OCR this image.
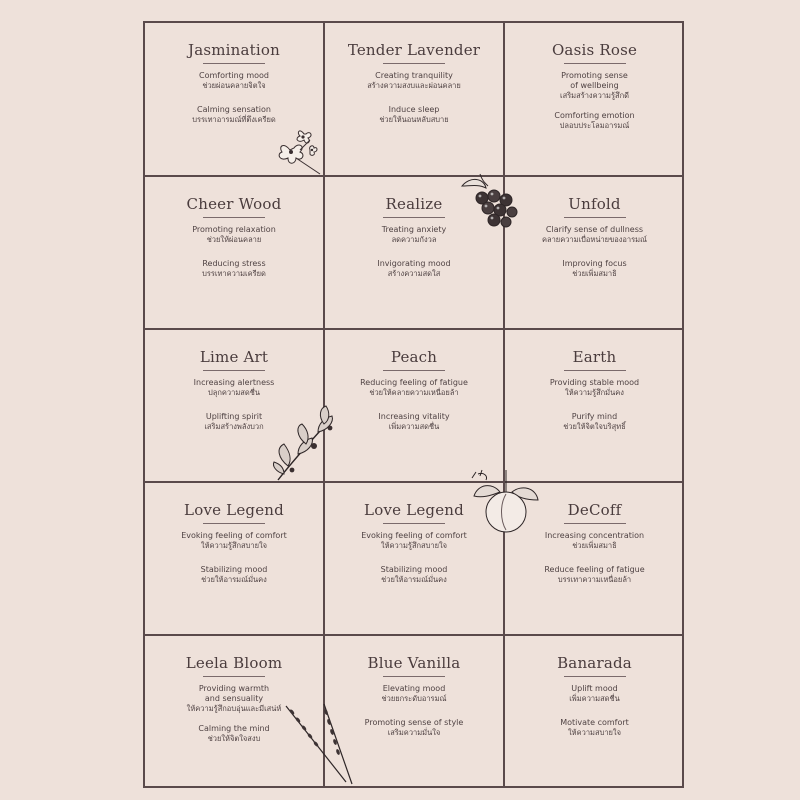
Jasmination
Comforting mood
ช่วยผ่อนคลายจิตใจ
Calming sensation
บรรเทาอารมณ์ที่ตึงเครียด
Tender Lavender
Creating tranquility
สร้างความสงบและผ่อนคลาย
Induce sleep
ช่วยให้นอนหลับสบาย
Oasis Rose
Promoting sense
of wellbeing
เสริมสร้างความรู้สึกดี
Comforting emotion
ปลอบประโลมอารมณ์
Cheer Wood
Promoting relaxation
ช่วยให้ผ่อนคลาย
Reducing stress
บรรเทาความเครียด
Realize
Treating anxiety
ลดความกังวล
Invigorating mood
สร้างความสดใส
Unfold
Clarify sense of dullness
คลายความเบื่อหน่ายของอารมณ์
Improving focus
ช่วยเพิ่มสมาธิ
Lime Art
Increasing alertness
ปลุกความสดชื่น
Uplifting spirit
เสริมสร้างพลังบวก
Peach
Reducing feeling of fatigue
ช่วยให้คลายความเหนื่อยล้า
Increasing vitality
เพิ่มความสดชื่น
Earth
Providing stable mood
ให้ความรู้สึกมั่นคง
Purify mind
ช่วยให้จิตใจบริสุทธิ์
Love Legend
Evoking feeling of comfort
ให้ความรู้สึกสบายใจ
Stabilizing mood
ช่วยให้อารมณ์มั่นคง
Love Legend
Evoking feeling of comfort
ให้ความรู้สึกสบายใจ
Stabilizing mood
ช่วยให้อารมณ์มั่นคง
DeCoff
Increasing concentration
ช่วยเพิ่มสมาธิ
Reduce feeling of fatigue
บรรเทาความเหนื่อยล้า
Leela Bloom
Providing warmth
and sensuality
ให้ความรู้สึกอบอุ่นและมีเสน่ห์
Calming the mind
ช่วยให้จิตใจสงบ
Blue Vanilla
Elevating mood
ช่วยยกระดับอารมณ์
Promoting sense of style
เสริมความมั่นใจ
Banarada
Uplift mood
เพิ่มความสดชื่น
Motivate comfort
ให้ความสบายใจ
